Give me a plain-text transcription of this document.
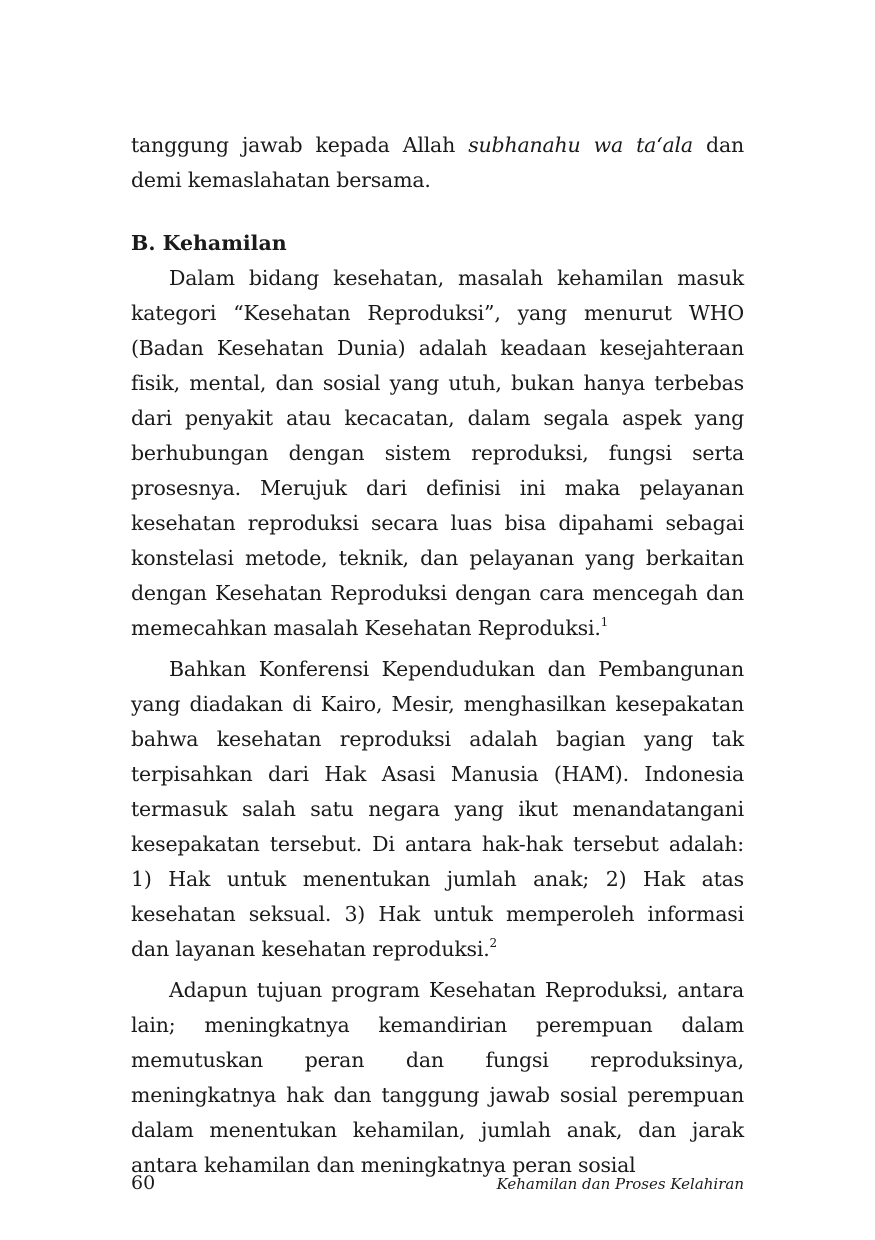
tanggung jawab kepada Allah subhanahu wa ta‘ala dan demi kemaslahatan bersama.

B. Kehamilan

Dalam bidang kesehatan, masalah kehamilan masuk kategori “Kesehatan Reproduksi”, yang menurut WHO (Badan Kesehatan Dunia) adalah keadaan kesejahteraan fisik, mental, dan sosial yang utuh, bukan hanya terbebas dari penyakit atau kecacatan, dalam segala aspek yang berhubungan dengan sistem reproduksi, fungsi serta prosesnya. Merujuk dari definisi ini maka pelayanan kesehatan reproduksi secara luas bisa dipahami sebagai konstelasi metode, teknik, dan pelayanan yang berkaitan dengan Kesehatan Reproduksi dengan cara mencegah dan memecahkan masalah Kesehatan Reproduksi.$^1$

Bahkan Konferensi Kependudukan dan Pembangunan yang diadakan di Kairo, Mesir, menghasilkan kesepakatan bahwa kesehatan reproduksi adalah bagian yang tak terpisahkan dari Hak Asasi Manusia (HAM). Indonesia termasuk salah satu negara yang ikut menandatangani kesepakatan tersebut. Di antara hak-hak tersebut adalah: 1) Hak untuk menentukan jumlah anak; 2) Hak atas kesehatan seksual. 3) Hak untuk memperoleh informasi dan layanan kesehatan reproduksi.$^2$

Adapun tujuan program Kesehatan Reproduksi, antara lain; meningkatnya kemandirian perempuan dalam memutuskan peran dan fungsi reproduksinya, meningkatnya hak dan tanggung jawab sosial perempuan dalam menentukan kehamilan, jumlah anak, dan jarak antara kehamilan dan meningkatnya peran sosial

60	Kehamilan dan Proses Kelahiran
